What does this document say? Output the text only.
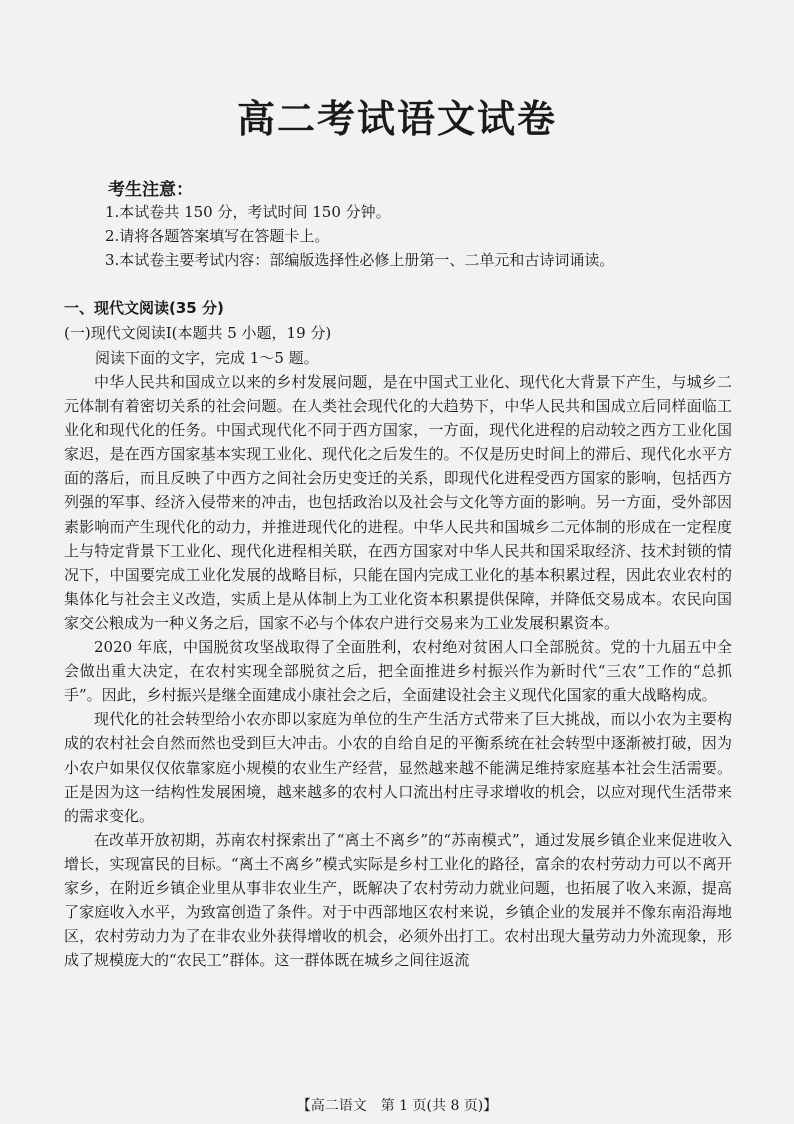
高二考试语文试卷
考生注意：
1.本试卷共 150 分，考试时间 150 分钟。
2.请将各题答案填写在答题卡上。
3.本试卷主要考试内容：部编版选择性必修上册第一、二单元和古诗词诵读。
一、现代文阅读(35 分)
(一)现代文阅读Ⅰ(本题共 5 小题，19 分)
阅读下面的文字，完成 1～5 题。

中华人民共和国成立以来的乡村发展问题，是在中国式工业化、现代化大背景下产生，与城乡二元体制有着密切关系的社会问题。在人类社会现代化的大趋势下，中华人民共和国成立后同样面临工业化和现代化的任务。中国式现代化不同于西方国家，一方面，现代化进程的启动较之西方工业化国家迟，是在西方国家基本实现工业化、现代化之后发生的。不仅是历史时间上的滞后、现代化水平方面的落后，而且反映了中西方之间社会历史变迁的关系，即现代化进程受西方国家的影响，包括西方列强的军事、经济入侵带来的冲击，也包括政治以及社会与文化等方面的影响。另一方面，受外部因素影响而产生现代化的动力，并推进现代化的进程。中华人民共和国城乡二元体制的形成在一定程度上与特定背景下工业化、现代化进程相关联，在西方国家对中华人民共和国采取经济、技术封锁的情况下，中国要完成工业化发展的战略目标，只能在国内完成工业化的基本积累过程，因此农业农村的集体化与社会主义改造，实质上是从体制上为工业化资本积累提供保障，并降低交易成本。农民向国家交公粮成为一种义务之后，国家不必与个体农户进行交易来为工业发展积累资本。

2020 年底，中国脱贫攻坚战取得了全面胜利，农村绝对贫困人口全部脱贫。党的十九届五中全会做出重大决定，在农村实现全部脱贫之后，把全面推进乡村振兴作为新时代“三农”工作的“总抓手”。因此，乡村振兴是继全面建成小康社会之后，全面建设社会主义现代化国家的重大战略构成。

现代化的社会转型给小农亦即以家庭为单位的生产生活方式带来了巨大挑战，而以小农为主要构成的农村社会自然而然也受到巨大冲击。小农的自给自足的平衡系统在社会转型中逐渐被打破，因为小农户如果仅仅依靠家庭小规模的农业生产经营，显然越来越不能满足维持家庭基本社会生活需要。正是因为这一结构性发展困境，越来越多的农村人口流出村庄寻求增收的机会，以应对现代生活带来的需求变化。

在改革开放初期，苏南农村探索出了“离土不离乡”的“苏南模式”，通过发展乡镇企业来促进收入增长，实现富民的目标。“离土不离乡”模式实际是乡村工业化的路径，富余的农村劳动力可以不离开家乡，在附近乡镇企业里从事非农业生产，既解决了农村劳动力就业问题，也拓展了收入来源，提高了家庭收入水平，为致富创造了条件。对于中西部地区农村来说，乡镇企业的发展并不像东南沿海地区，农村劳动力为了在非农业外获得增收的机会，必须外出打工。农村出现大量劳动力外流现象，形成了规模庞大的“农民工”群体。这一群体既在城乡之间往返流

【高二语文　第 1 页(共 8 页)】
